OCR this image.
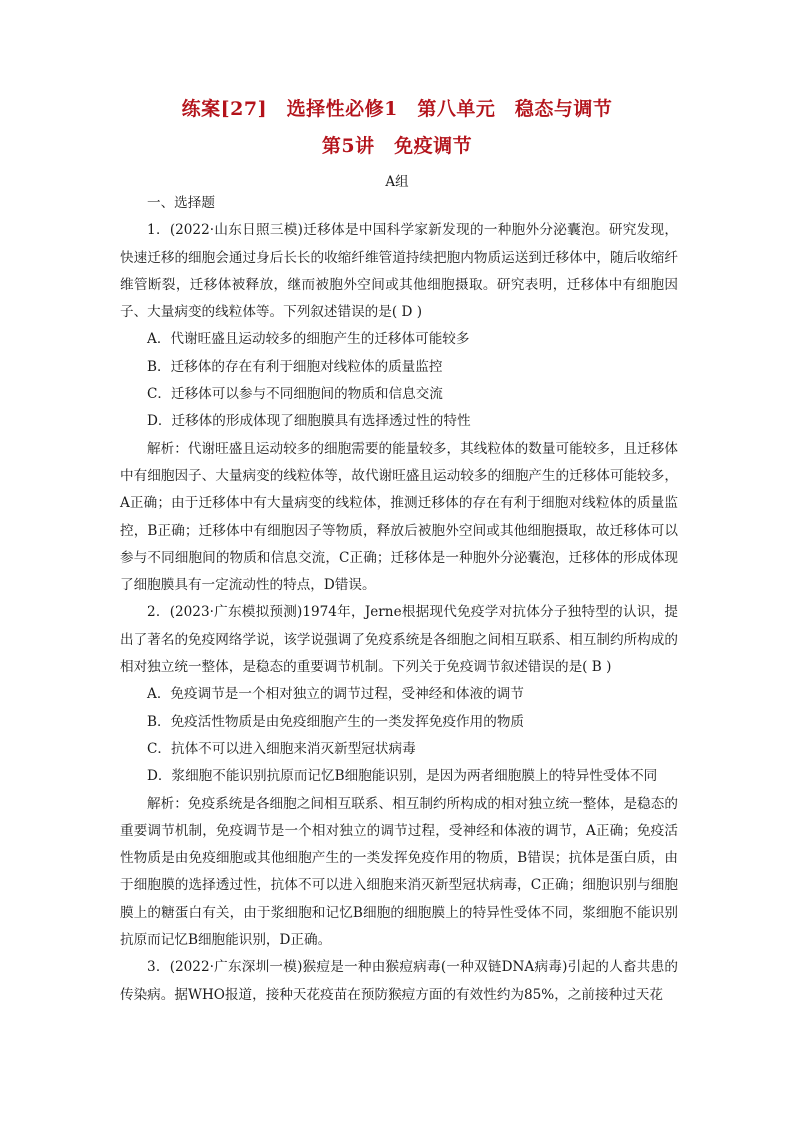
练案[27]　选择性必修1　第八单元　稳态与调节
第5讲　免疫调节
A组

一、选择题

1．(2022·山东日照三模)迁移体是中国科学家新发现的一种胞外分泌囊泡。研究发现，快速迁移的细胞会通过身后长长的收缩纤维管道持续把胞内物质运送到迁移体中，随后收缩纤维管断裂，迁移体被释放，继而被胞外空间或其他细胞摄取。研究表明，迁移体中有细胞因子、大量病变的线粒体等。下列叙述错误的是( D )

A．代谢旺盛且运动较多的细胞产生的迁移体可能较多

B．迁移体的存在有利于细胞对线粒体的质量监控

C．迁移体可以参与不同细胞间的物质和信息交流

D．迁移体的形成体现了细胞膜具有选择透过性的特性

解析：代谢旺盛且运动较多的细胞需要的能量较多，其线粒体的数量可能较多，且迁移体中有细胞因子、大量病变的线粒体等，故代谢旺盛且运动较多的细胞产生的迁移体可能较多，A正确；由于迁移体中有大量病变的线粒体，推测迁移体的存在有利于细胞对线粒体的质量监控，B正确；迁移体中有细胞因子等物质，释放后被胞外空间或其他细胞摄取，故迁移体可以参与不同细胞间的物质和信息交流，C正确；迁移体是一种胞外分泌囊泡，迁移体的形成体现了细胞膜具有一定流动性的特点，D错误。

2．(2023·广东模拟预测)1974年，Jerne根据现代免疫学对抗体分子独特型的认识，提出了著名的免疫网络学说，该学说强调了免疫系统是各细胞之间相互联系、相互制约所构成的相对独立统一整体，是稳态的重要调节机制。下列关于免疫调节叙述错误的是( B )

A．免疫调节是一个相对独立的调节过程，受神经和体液的调节

B．免疫活性物质是由免疫细胞产生的一类发挥免疫作用的物质

C．抗体不可以进入细胞来消灭新型冠状病毒

D．浆细胞不能识别抗原而记忆B细胞能识别，是因为两者细胞膜上的特异性受体不同

解析：免疫系统是各细胞之间相互联系、相互制约所构成的相对独立统一整体，是稳态的重要调节机制，免疫调节是一个相对独立的调节过程，受神经和体液的调节，A正确；免疫活性物质是由免疫细胞或其他细胞产生的一类发挥免疫作用的物质，B错误；抗体是蛋白质，由于细胞膜的选择透过性，抗体不可以进入细胞来消灭新型冠状病毒，C正确；细胞识别与细胞膜上的糖蛋白有关，由于浆细胞和记忆B细胞的细胞膜上的特异性受体不同，浆细胞不能识别抗原而记忆B细胞能识别，D正确。

3．(2022·广东深圳一模)猴痘是一种由猴痘病毒(一种双链DNA病毒)引起的人畜共患的传染病。据WHO报道，接种天花疫苗在预防猴痘方面的有效性约为85%，之前接种过天花
